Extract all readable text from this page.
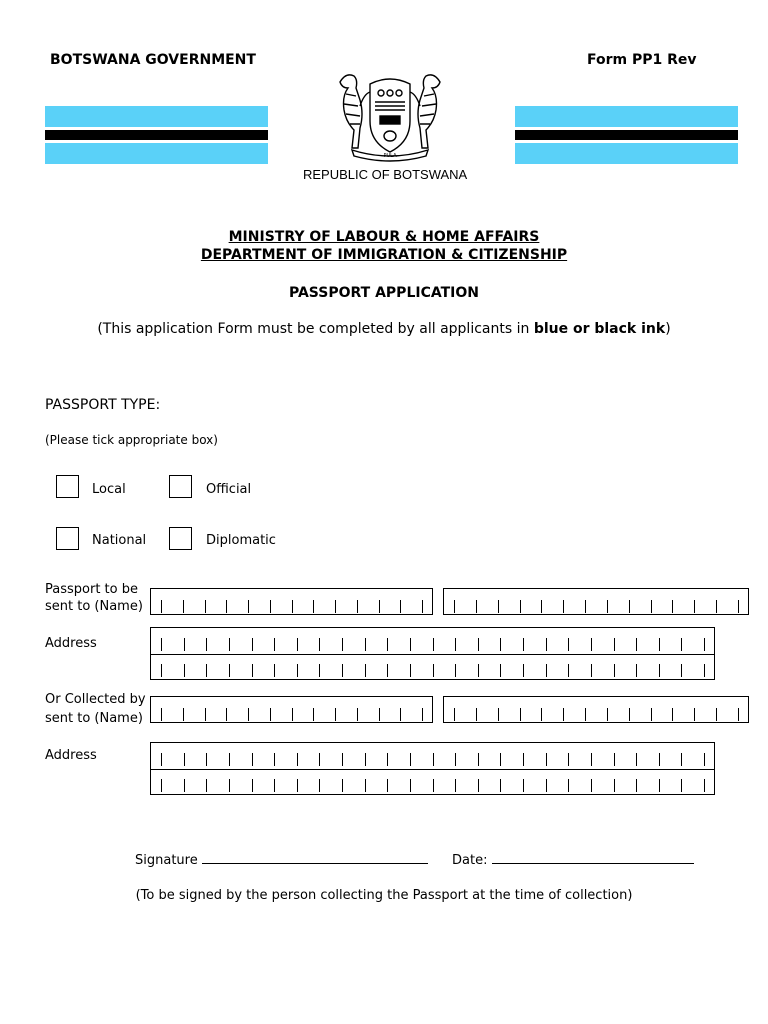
BOTSWANA GOVERNMENT	Form PP1 Rev
PULA
REPUBLIC OF BOTSWANA
MINISTRY OF LABOUR & HOME AFFAIRS
DEPARTMENT OF IMMIGRATION & CITIZENSHIP
PASSPORT APPLICATION
(This application Form must be completed by all applicants in blue or black ink)
PASSPORT TYPE:
(Please tick appropriate box)
Local	Official
National	Diplomatic
Passport to be
sent to (Name)
Address
Or Collected by
sent to (Name)
Address
Signature	Date:
(To be signed by the person collecting the Passport at the time of collection)
